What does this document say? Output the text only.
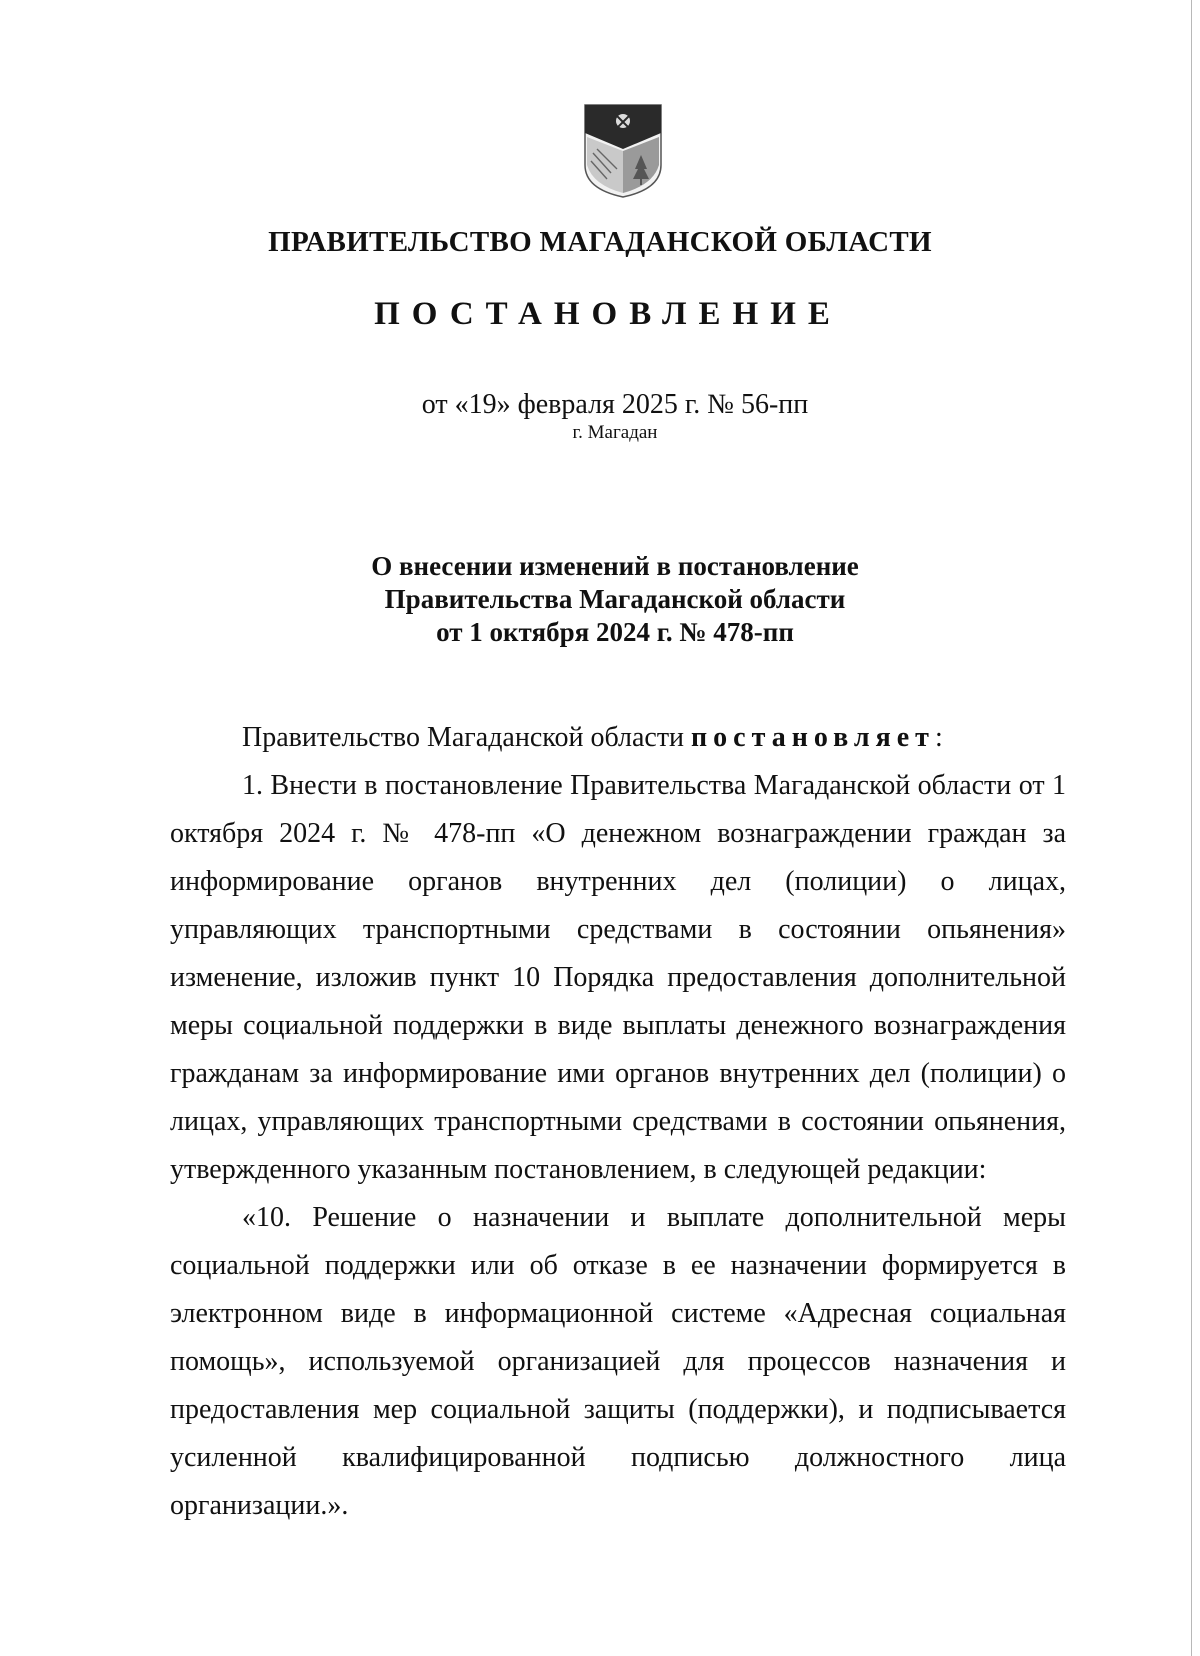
ПРАВИТЕЛЬСТВО МАГАДАНСКОЙ ОБЛАСТИ
ПОСТАНОВЛЕНИЕ
от «19» февраля 2025 г. № 56-пп
г. Магадан
О внесении изменений в постановление
Правительства Магаданской области
от 1 октября 2024 г. № 478-пп

Правительство Магаданской области постановляет:

1. Внести в постановление Правительства Магаданской области от 1 октября 2024 г. № 478-пп «О денежном вознаграждении граждан за информирование органов внутренних дел (полиции) о лицах, управляющих транспортными средствами в состоянии опьянения» изменение, изложив пункт 10 Порядка предоставления дополнительной меры социальной поддержки в виде выплаты денежного вознаграждения гражданам за информирование ими органов внутренних дел (полиции) о лицах, управляющих транспортными средствами в состоянии опьянения, утвержденного указанным постановлением, в следующей редакции:

«10. Решение о назначении и выплате дополнительной меры социальной поддержки или об отказе в ее назначении формируется в электронном виде в информационной системе «Адресная социальная помощь», используемой организацией для процессов назначения и предоставления мер социальной защиты (поддержки), и подписывается усиленной квалифицированной подписью должностного лица организации.».
